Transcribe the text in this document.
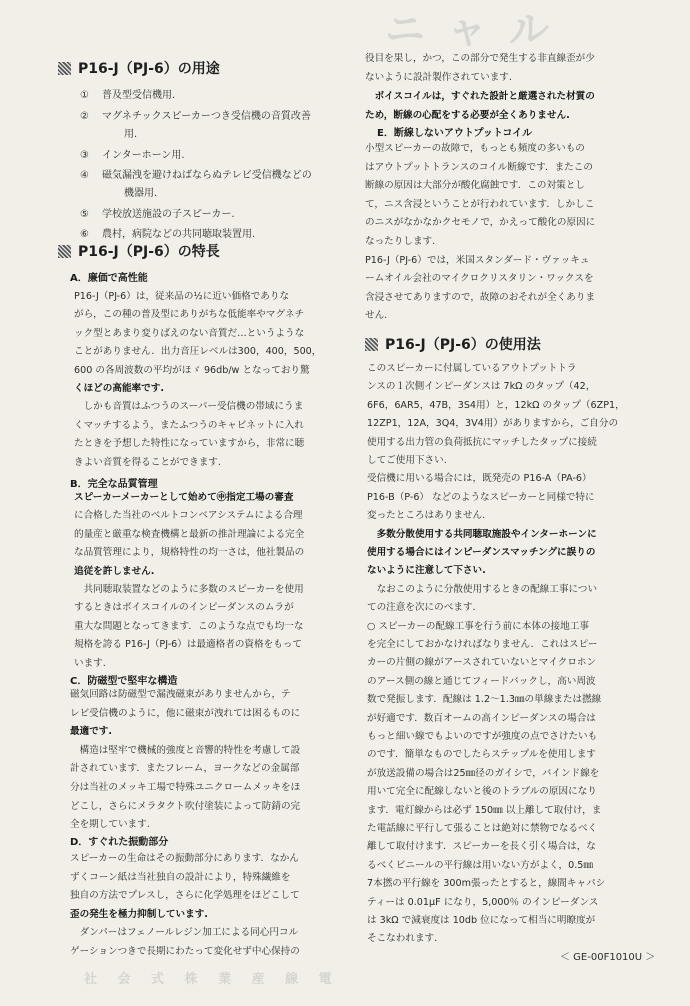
ニャル
P16-J（PJ-6）の用途
① 普及型受信機用.
② マグネチックスピーカーつき受信機の音質改善
用.
③ インターホーン用.
④ 磁気漏洩を避けねばならぬテレビ受信機などの
機器用.
⑤ 学校放送施設の子スピーカー.
⑥ 農村，病院などの共同聴取装置用.
P16-J（PJ-6）の特長
A．廉価で高性能
P16-J（PJ-6）は，従来品の½に近い価格でありな
がら，この種の普及型にありがちな低能率やマグネチ
ック型とあまり変りばえのない音質だ…というような
ことがありません．出力音圧レベルは300，400，500，
600 の各周波数の平均がほゞ 96db/w となっており驚
くほどの高能率です.
　しかも音質はふつうのスーパー受信機の帯域にうま
くマッチするよう，またふつうのキャビネットに入れ
たときを予想した特性になっていますから，非常に聴
きよい音質を得ることができます.
B．完全な品質管理
スピーカーメーカーとして始めて㊥指定工場の審査
に合格した当社のベルトコンベアシステムによる合理
的量産と厳重な検査機構と最新の推計理論による完全
な品質管理により，規格特性の均一さは，他社製品の
追従を許しません.
　共同聴取装置などのように多数のスピーカーを使用
するときはボイスコイルのインピーダンスのムラが
重大な問題となってきます．このような点でも均一な
規格を誇る P16-J（PJ-6）は最適格者の資格をもって
います.
C．防磁型で堅牢な構造
磁気回路は防磁型で漏洩磁束がありませんから，テ
レビ受信機のように，他に磁束が洩れては困るものに
最適です.
　構造は堅牢で機械的強度と音響的特性を考慮して設
計されています．またフレーム，ヨークなどの金属部
分は当社のメッキ工場で特殊ユニクロームメッキをほ
どこし，さらにメラタクト吹付塗装によって防錆の完
全を期しています.
D．すぐれた振動部分
スピーカーの生命はその振動部分にあります．なかん
ずくコーン紙は当社独自の設計により，特殊繊維を
独自の方法でプレスし，さらに化学処理をほどこして
歪の発生を極力抑制しています.
　ダンパーはフェノールレジン加工による同心円コル
ゲーションつきで長期にわたって変化せず中心保持の
社 会 式 株 業 産 線 電
役目を果し，かつ，この部分で発生する非直線歪が少
ないように設計製作されています.
　ボイスコイルは，すぐれた設計と厳選された材質の
ため，断線の心配をする必要が全くありません.
E．断線しないアウトプットコイル
小型スピーカーの故障で，もっとも頻度の多いもの
はアウトプットトランスのコイル断線です．またこの
断線の原因は大部分が酸化腐蝕です．この対策とし
て，ニス含浸ということが行われています．しかしこ
のニスがなかなかクセモノで，かえって酸化の原因に
なったりします.
P16-J（PJ-6）では，米国スタンダード・ヴァッキュ
ームオイル会社のマイクロクリスタリン・ワックスを
含浸させてありますので，故障のおそれが全くありま
せん.
P16-J（PJ-6）の使用法
このスピーカーに付属しているアウトプットトラ
ンスの１次側インピーダンスは 7kΩ のタップ（42，
6F6，6AR5，47B，3S4用）と，12kΩ のタップ（6ZP1，
12ZP1，12A，3Q4，3V4用）がありますから，ご自分の
使用する出力管の負荷抵抗にマッチしたタップに接続
してご使用下さい.
受信機に用いる場合には，既発売の P16-A（PA-6）
P16-B（P-6） などのようなスピーカーと同様で特に
変ったところはありません.
　多数分散使用する共同聴取施設やインターホーンに
使用する場合にはインピーダンスマッチングに誤りの
ないように注意して下さい.
　なおこのように分散使用するときの配線工事につい
ての注意を次にのべます.
○ スピーカーの配線工事を行う前に本体の接地工事
を完全にしておかなければなりません．これはスピー
カーの片側の線がアースされていないとマイクロホン
のアース側の線と通じてフィードバックし，高い周波
数で発振します．配線は 1.2〜1.3㎜の単線または撚線
が好適です．数百オームの高インピーダンスの場合は
もっと細い線でもよいのですが強度の点でさけたいも
のです．簡単なものでしたらステップルを使用します
が放送設備の場合は25㎜径のガイシで，バインド線を
用いて完全に配線しないと後のトラブルの原因になり
ます．電灯線からは必ず 150㎜ 以上離して取付け，ま
た電話線に平行して張ることは絶対に禁物でなるべく
離して取付けます．スピーカーを長く引く場合は，な
るべくビニールの平行線は用いない方がよく，0.5㎜
7本撚の平行線を 300m張ったとすると，線間キャパシ
ティーは 0.01μF になり，5,000％ のインピーダンス
は 3kΩ で減衰度は 10db 位になって相当に明瞭度が
そこなわれます.
＜ GE-00F1010U ＞
